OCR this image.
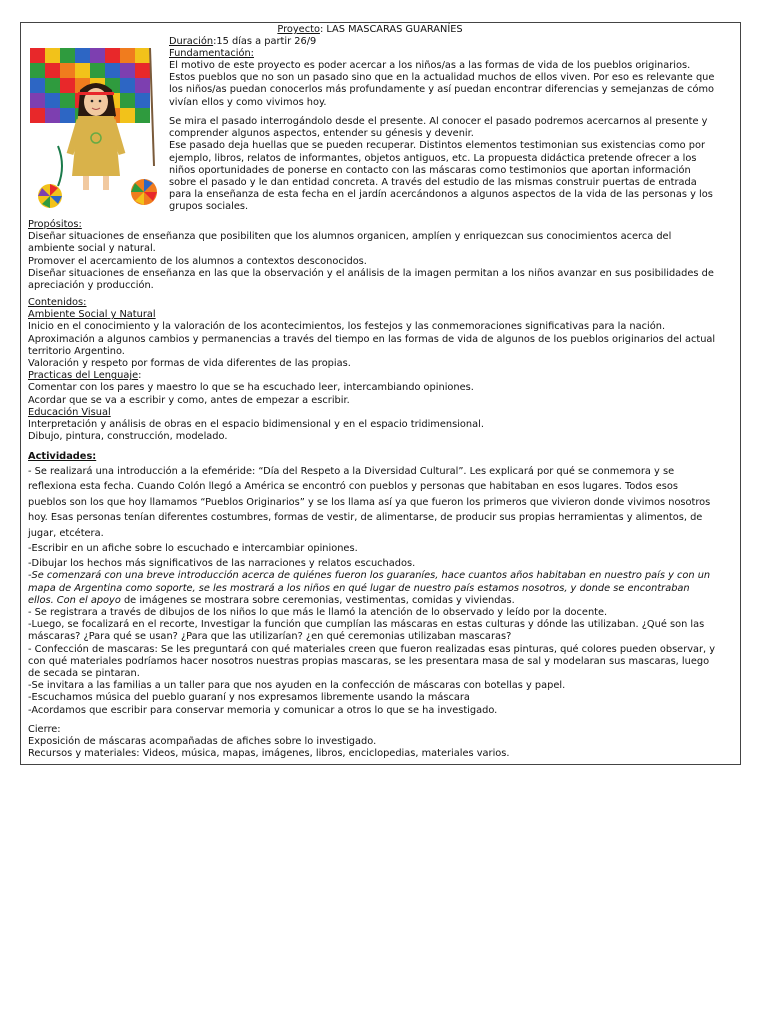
Proyecto: LAS MASCARAS GUARANÍES
Duración:15 días a partir 26/9
Fundamentación:

El motivo de este proyecto es poder acercar a los niños/as a las formas de vida de los pueblos originarios.

Estos pueblos que no son un pasado sino que en la actualidad muchos de ellos viven. Por eso es relevante que

los niños/as puedan conocerlos más profundamente y así puedan encontrar diferencias y semejanzas de cómo

vivían ellos y como vivimos hoy.

Se mira el pasado interrogándolo desde el presente. Al conocer el pasado podremos acercarnos al presente y

comprender algunos aspectos, entender su génesis y devenir.

Ese pasado deja huellas que se pueden recuperar. Distintos elementos testimonian sus existencias como por

ejemplo, libros, relatos de informantes, objetos antiguos, etc. La propuesta didáctica pretende ofrecer a los

niños oportunidades de ponerse en contacto con las máscaras como testimonios que aportan información

sobre el pasado y le dan entidad concreta. A través del estudio de las mismas construir puertas de entrada

para la enseñanza de esta fecha en el jardín acercándonos a algunos aspectos de la vida de las personas y los

grupos sociales.

Propósitos:

Diseñar situaciones de enseñanza que posibiliten que los alumnos organicen, amplíen y enriquezcan sus conocimientos acerca del

ambiente social y natural.

Promover el acercamiento de los alumnos a contextos desconocidos.

Diseñar situaciones de enseñanza en las que la observación y el análisis de la imagen permitan a los niños avanzar en sus posibilidades de

apreciación y producción.

Contenidos:

Ambiente Social y Natural

Inicio en el conocimiento y la valoración de los acontecimientos, los festejos y las conmemoraciones significativas para la nación.

Aproximación a algunos cambios y permanencias a través del tiempo en las formas de vida de algunos de los pueblos originarios del actual

territorio Argentino.

Valoración y respeto por formas de vida diferentes de las propias.

Practicas del Lenguaje:

Comentar con los pares y maestro lo que se ha escuchado leer, intercambiando opiniones.

Acordar que se va a escribir y como, antes de empezar a escribir.

Educación Visual

Interpretación y análisis de obras en el espacio bidimensional y en el espacio tridimensional.

Dibujo, pintura, construcción, modelado.

Actividades:

- Se realizará una introducción a la efeméride: “Día del Respeto a la Diversidad Cultural”. Les explicará por qué se conmemora y se

reflexiona esta fecha. Cuando Colón llegó a América se encontró con pueblos y personas que habitaban en esos lugares. Todos esos

pueblos son los que hoy llamamos “Pueblos Originarios” y se los llama así ya que fueron los primeros que vivieron donde vivimos nosotros

hoy. Esas personas tenían diferentes costumbres, formas de vestir, de alimentarse, de producir sus propias herramientas y alimentos, de

jugar, etcétera.

-Escribir en un afiche sobre lo escuchado e intercambiar opiniones.

-Dibujar los hechos más significativos de las narraciones y relatos escuchados.

-Se comenzará con una breve introducción acerca de quiénes fueron los guaraníes, hace cuantos años habitaban en nuestro país y con un

mapa de Argentina como soporte, se les mostrará a los niños en qué lugar de nuestro país estamos nosotros, y donde se encontraban

ellos. Con el apoyo de imágenes se mostrara sobre ceremonias, vestimentas, comidas y viviendas.

- Se registrara a través de dibujos de los niños lo que más le llamó la atención de lo observado y leído por la docente.

-Luego, se focalizará en el recorte, Investigar la función que cumplían las máscaras en estas culturas y dónde las utilizaban. ¿Qué son las

máscaras? ¿Para qué se usan? ¿Para que las utilizarían? ¿en qué ceremonias utilizaban mascaras?

- Confección de mascaras: Se les preguntará con qué materiales creen que fueron realizadas esas pinturas, qué colores pueden observar, y

con qué materiales podríamos hacer nosotros nuestras propias mascaras, se les presentara masa de sal y modelaran sus mascaras, luego

de secada se pintaran.

-Se invitara a las familias a un taller para que nos ayuden en la confección de máscaras con botellas y papel.

-Escuchamos música del pueblo guaraní y nos expresamos libremente usando la máscara

-Acordamos que escribir para conservar memoria y comunicar a otros lo que se ha investigado.

Cierre:

Exposición de máscaras acompañadas de afiches sobre lo investigado.

Recursos y materiales: Videos, música, mapas, imágenes, libros, enciclopedias, materiales varios.
